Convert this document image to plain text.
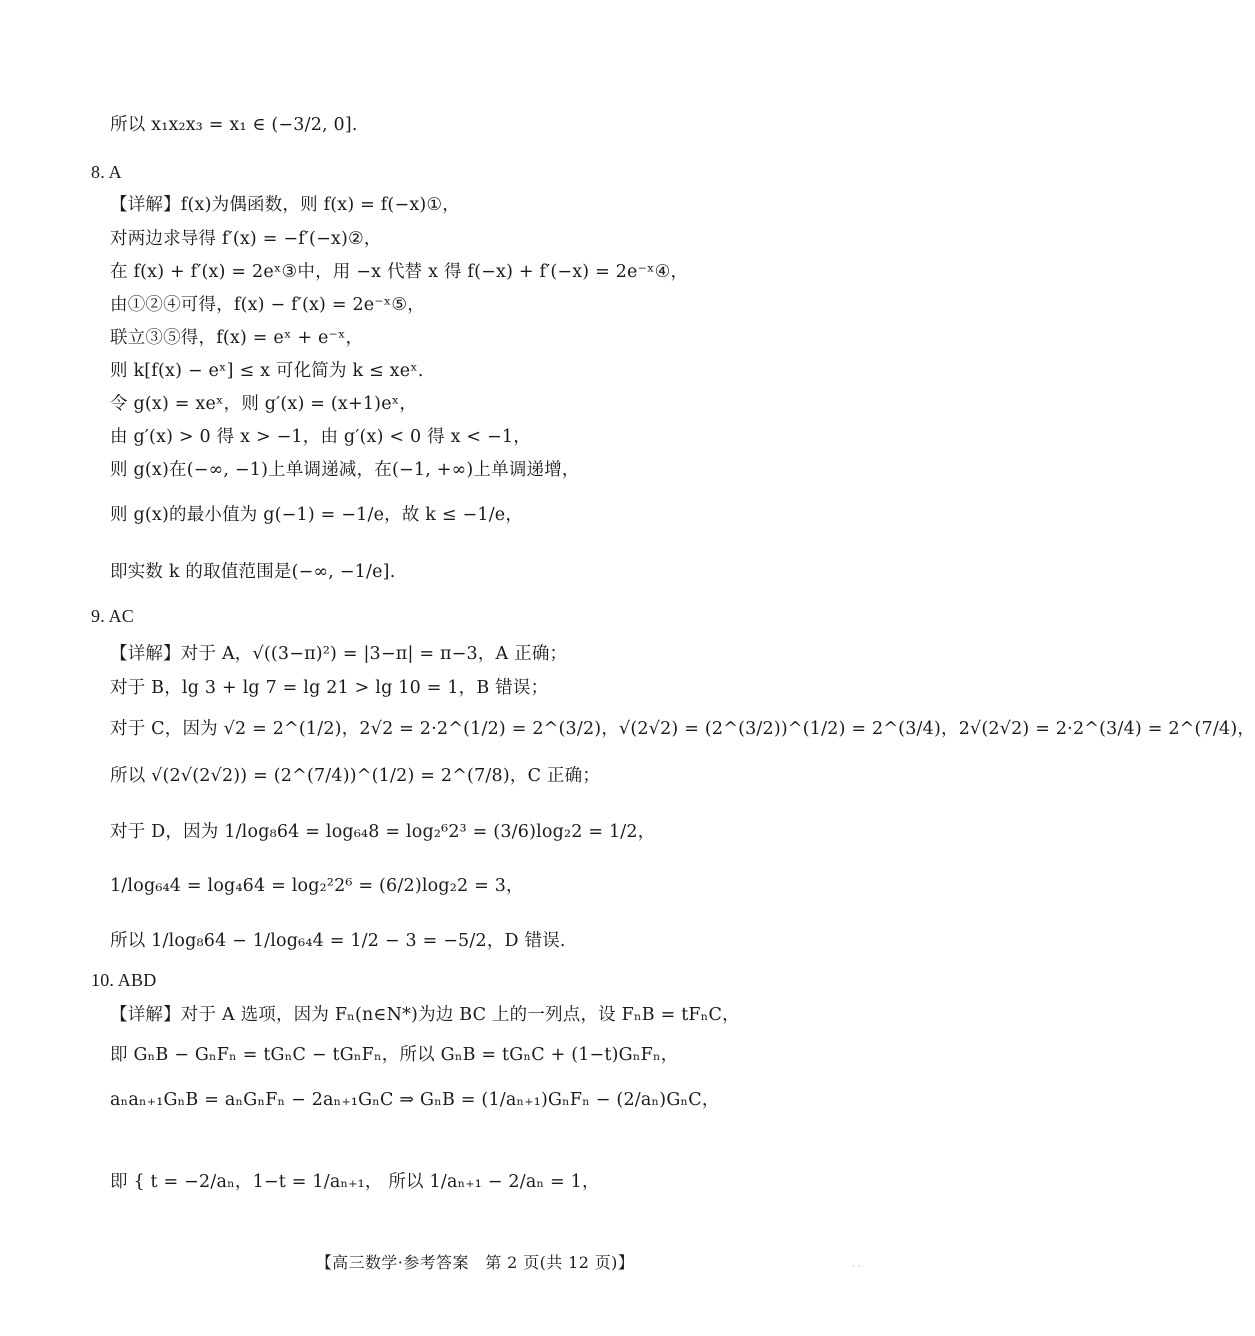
所以 x₁x₂x₃ = x₁ ∈ (−3/2, 0].
8. A
【详解】f(x)为偶函数，则 f(x) = f(−x)①，
对两边求导得 f′(x) = −f′(−x)②，
在 f(x) + f′(x) = 2eˣ③中，用 −x 代替 x 得 f(−x) + f′(−x) = 2e⁻ˣ④，
由①②④可得，f(x) − f′(x) = 2e⁻ˣ⑤，
联立③⑤得，f(x) = eˣ + e⁻ˣ，
则 k[f(x) − eˣ] ≤ x 可化简为 k ≤ xeˣ.
令 g(x) = xeˣ，则 g′(x) = (x+1)eˣ，
由 g′(x) > 0 得 x > −1，由 g′(x) < 0 得 x < −1，
则 g(x)在(−∞, −1)上单调递减，在(−1, +∞)上单调递增，
则 g(x)的最小值为 g(−1) = −1/e，故 k ≤ −1/e，
即实数 k 的取值范围是(−∞, −1/e].
9. AC
【详解】对于 A，√((3−π)²) = |3−π| = π−3，A 正确；
对于 B，lg 3 + lg 7 = lg 21 > lg 10 = 1，B 错误；
对于 C，因为 √2 = 2^(1/2)，2√2 = 2·2^(1/2) = 2^(3/2)，√(2√2) = (2^(3/2))^(1/2) = 2^(3/4)，2√(2√2) = 2·2^(3/4) = 2^(7/4)，
所以 √(2√(2√2)) = (2^(7/4))^(1/2) = 2^(7/8)，C 正确；
对于 D，因为 1/log₈64 = log₆₄8 = log₂⁶2³ = (3/6)log₂2 = 1/2，
1/log₆₄4 = log₄64 = log₂²2⁶ = (6/2)log₂2 = 3，
所以 1/log₈64 − 1/log₆₄4 = 1/2 − 3 = −5/2，D 错误.
10. ABD
【详解】对于 A 选项，因为 Fₙ(n∈N*)为边 BC 上的一列点，设 FₙB = tFₙC，
即 GₙB − GₙFₙ = tGₙC − tGₙFₙ，所以 GₙB = tGₙC + (1−t)GₙFₙ，
aₙaₙ₊₁GₙB = aₙGₙFₙ − 2aₙ₊₁GₙC ⇒ GₙB = (1/aₙ₊₁)GₙFₙ − (2/aₙ)GₙC，
即 { t = −2/aₙ，1−t = 1/aₙ₊₁， 所以 1/aₙ₊₁ − 2/aₙ = 1，
【高三数学·参考答案　第 2 页(共 12 页)】	· ·
